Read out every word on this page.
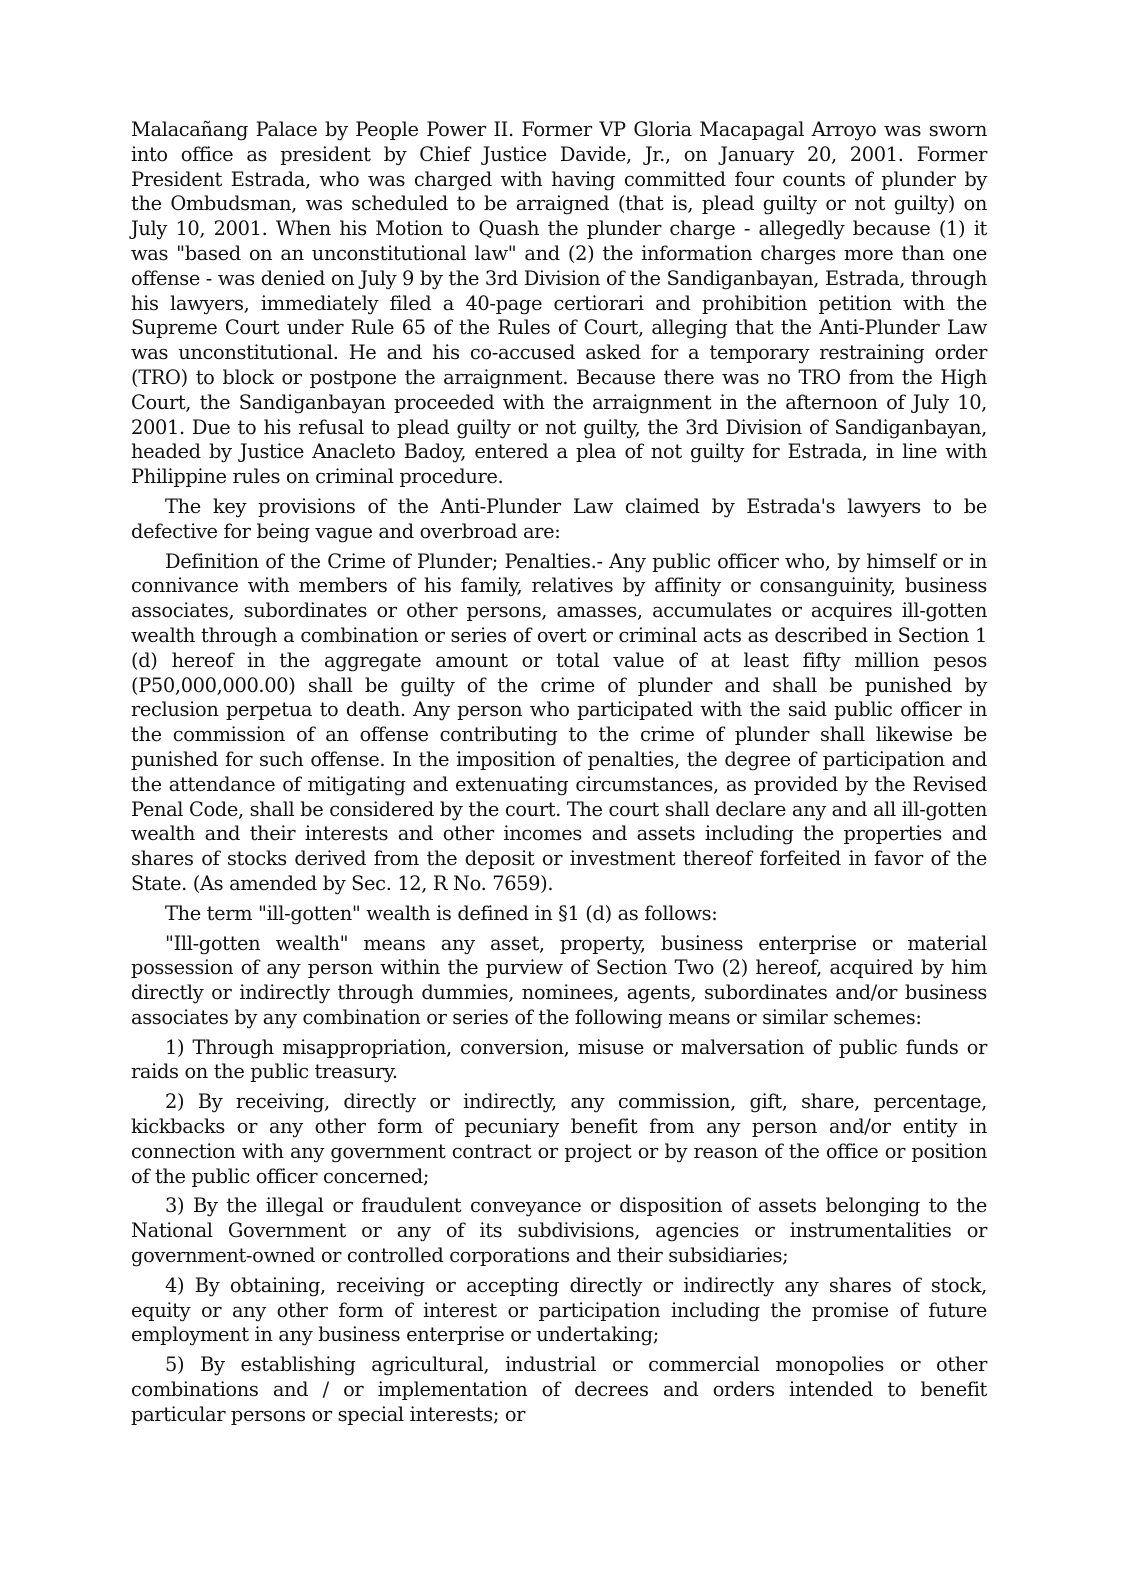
Malacañang Palace by People Power II. Former VP Gloria Macapagal Arroyo was sworn into office as president by Chief Justice Davide, Jr., on January 20, 2001. Former President Estrada, who was charged with having committed four counts of plunder by the Ombudsman, was scheduled to be arraigned (that is, plead guilty or not guilty) on July 10, 2001. When his Motion to Quash the plunder charge - allegedly because (1) it was "based on an unconstitutional law" and (2) the information charges more than one offense - was denied on July 9 by the 3rd Division of the Sandiganbayan, Estrada, through his lawyers, immediately filed a 40-page certiorari and prohibition petition with the Supreme Court under Rule 65 of the Rules of Court, alleging that the Anti-Plunder Law was unconstitutional. He and his co-accused asked for a temporary restraining order (TRO) to block or postpone the arraignment. Because there was no TRO from the High Court, the Sandiganbayan proceeded with the arraignment in the afternoon of July 10, 2001. Due to his refusal to plead guilty or not guilty, the 3rd Division of Sandiganbayan, headed by Justice Anacleto Badoy, entered a plea of not guilty for Estrada, in line with Philippine rules on criminal procedure.

The key provisions of the Anti-Plunder Law claimed by Estrada's lawyers to be defective for being vague and overbroad are:

Definition of the Crime of Plunder; Penalties.- Any public officer who, by himself or in connivance with members of his family, relatives by affinity or consanguinity, business associates, subordinates or other persons, amasses, accumulates or acquires ill-gotten wealth through a combination or series of overt or criminal acts as described in Section 1 (d) hereof in the aggregate amount or total value of at least fifty million pesos (P50,000,000.00) shall be guilty of the crime of plunder and shall be punished by reclusion perpetua to death. Any person who participated with the said public officer in the commission of an offense contributing to the crime of plunder shall likewise be punished for such offense. In the imposition of penalties, the degree of participation and the attendance of mitigating and extenuating circumstances, as provided by the Revised Penal Code, shall be considered by the court. The court shall declare any and all ill-gotten wealth and their interests and other incomes and assets including the properties and shares of stocks derived from the deposit or investment thereof forfeited in favor of the State. (As amended by Sec. 12, R No. 7659).

The term "ill-gotten" wealth is defined in §1 (d) as follows:

"Ill-gotten wealth" means any asset, property, business enterprise or material possession of any person within the purview of Section Two (2) hereof, acquired by him directly or indirectly through dummies, nominees, agents, subordinates and/or business associates by any combination or series of the following means or similar schemes:

1) Through misappropriation, conversion, misuse or malversation of public funds or raids on the public treasury.

2) By receiving, directly or indirectly, any commission, gift, share, percentage, kickbacks or any other form of pecuniary benefit from any person and/or entity in connection with any government contract or project or by reason of the office or position of the public officer concerned;

3) By the illegal or fraudulent conveyance or disposition of assets belonging to the National Government or any of its subdivisions, agencies or instrumentalities or government-owned or controlled corporations and their subsidiaries;

4) By obtaining, receiving or accepting directly or indirectly any shares of stock, equity or any other form of interest or participation including the promise of future employment in any business enterprise or undertaking;

5) By establishing agricultural, industrial or commercial monopolies or other combinations and / or implementation of decrees and orders intended to benefit particular persons or special interests; or
